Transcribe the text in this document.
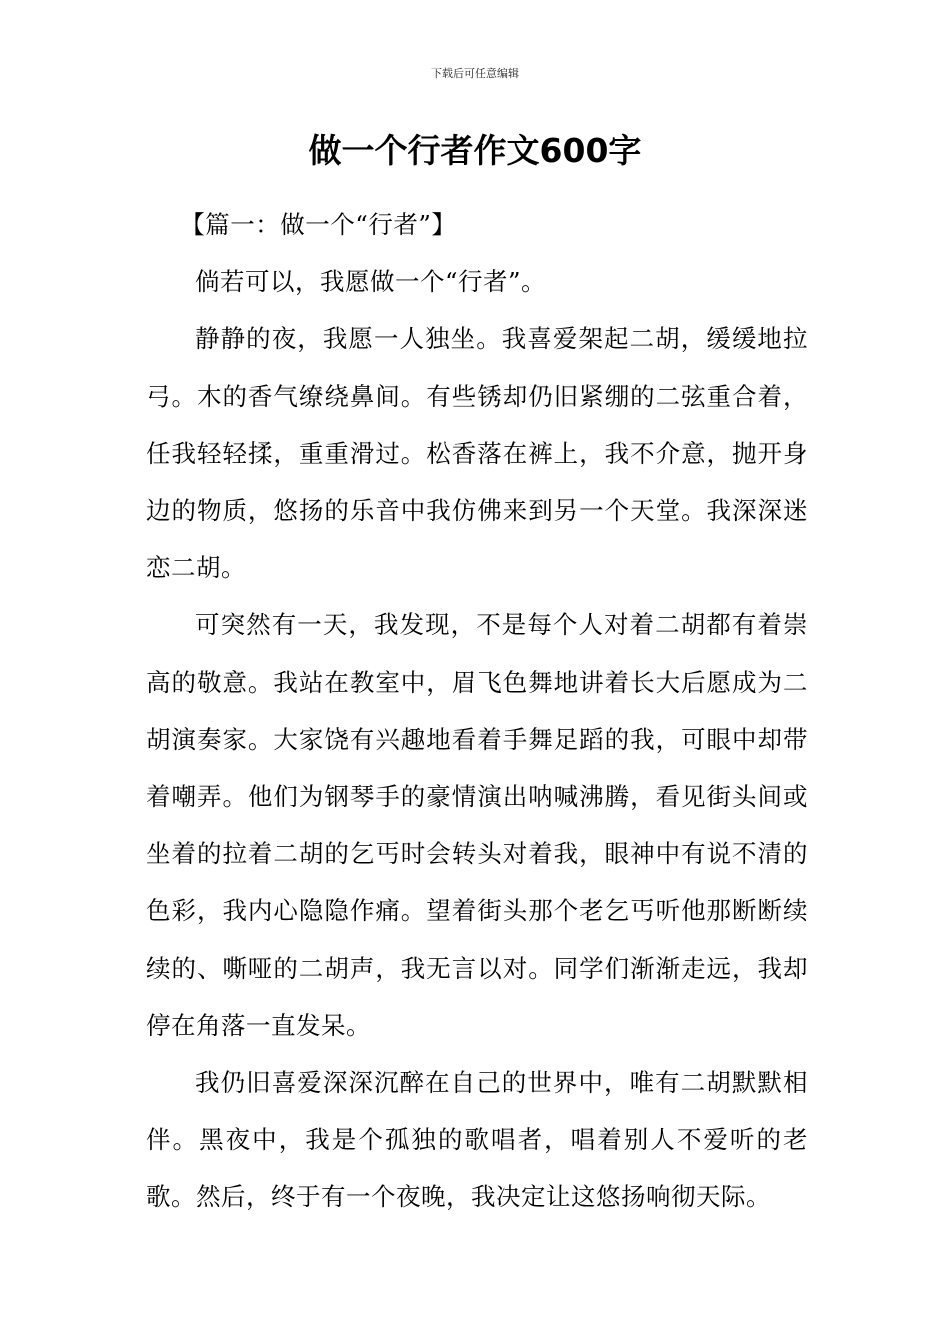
下载后可任意编辑
做一个行者作文600字

【篇一：做一个“行者”】

倘若可以，我愿做一个“行者”。

静静的夜，我愿一人独坐。我喜爱架起二胡，缓缓地拉弓。木的香气缭绕鼻间。有些锈却仍旧紧绷的二弦重合着，任我轻轻揉，重重滑过。松香落在裤上，我不介意，抛开身边的物质，悠扬的乐音中我仿佛来到另一个天堂。我深深迷恋二胡。

可突然有一天，我发现，不是每个人对着二胡都有着崇高的敬意。我站在教室中，眉飞色舞地讲着长大后愿成为二胡演奏家。大家饶有兴趣地看着手舞足蹈的我，可眼中却带着嘲弄。他们为钢琴手的豪情演出呐喊沸腾，看见街头间或坐着的拉着二胡的乞丐时会转头对着我，眼神中有说不清的色彩，我内心隐隐作痛。望着街头那个老乞丐听他那断断续续的、嘶哑的二胡声，我无言以对。同学们渐渐走远，我却停在角落一直发呆。

我仍旧喜爱深深沉醉在自己的世界中，唯有二胡默默相伴。黑夜中，我是个孤独的歌唱者，唱着别人不爱听的老歌。然后，终于有一个夜晚，我决定让这悠扬响彻天际。
